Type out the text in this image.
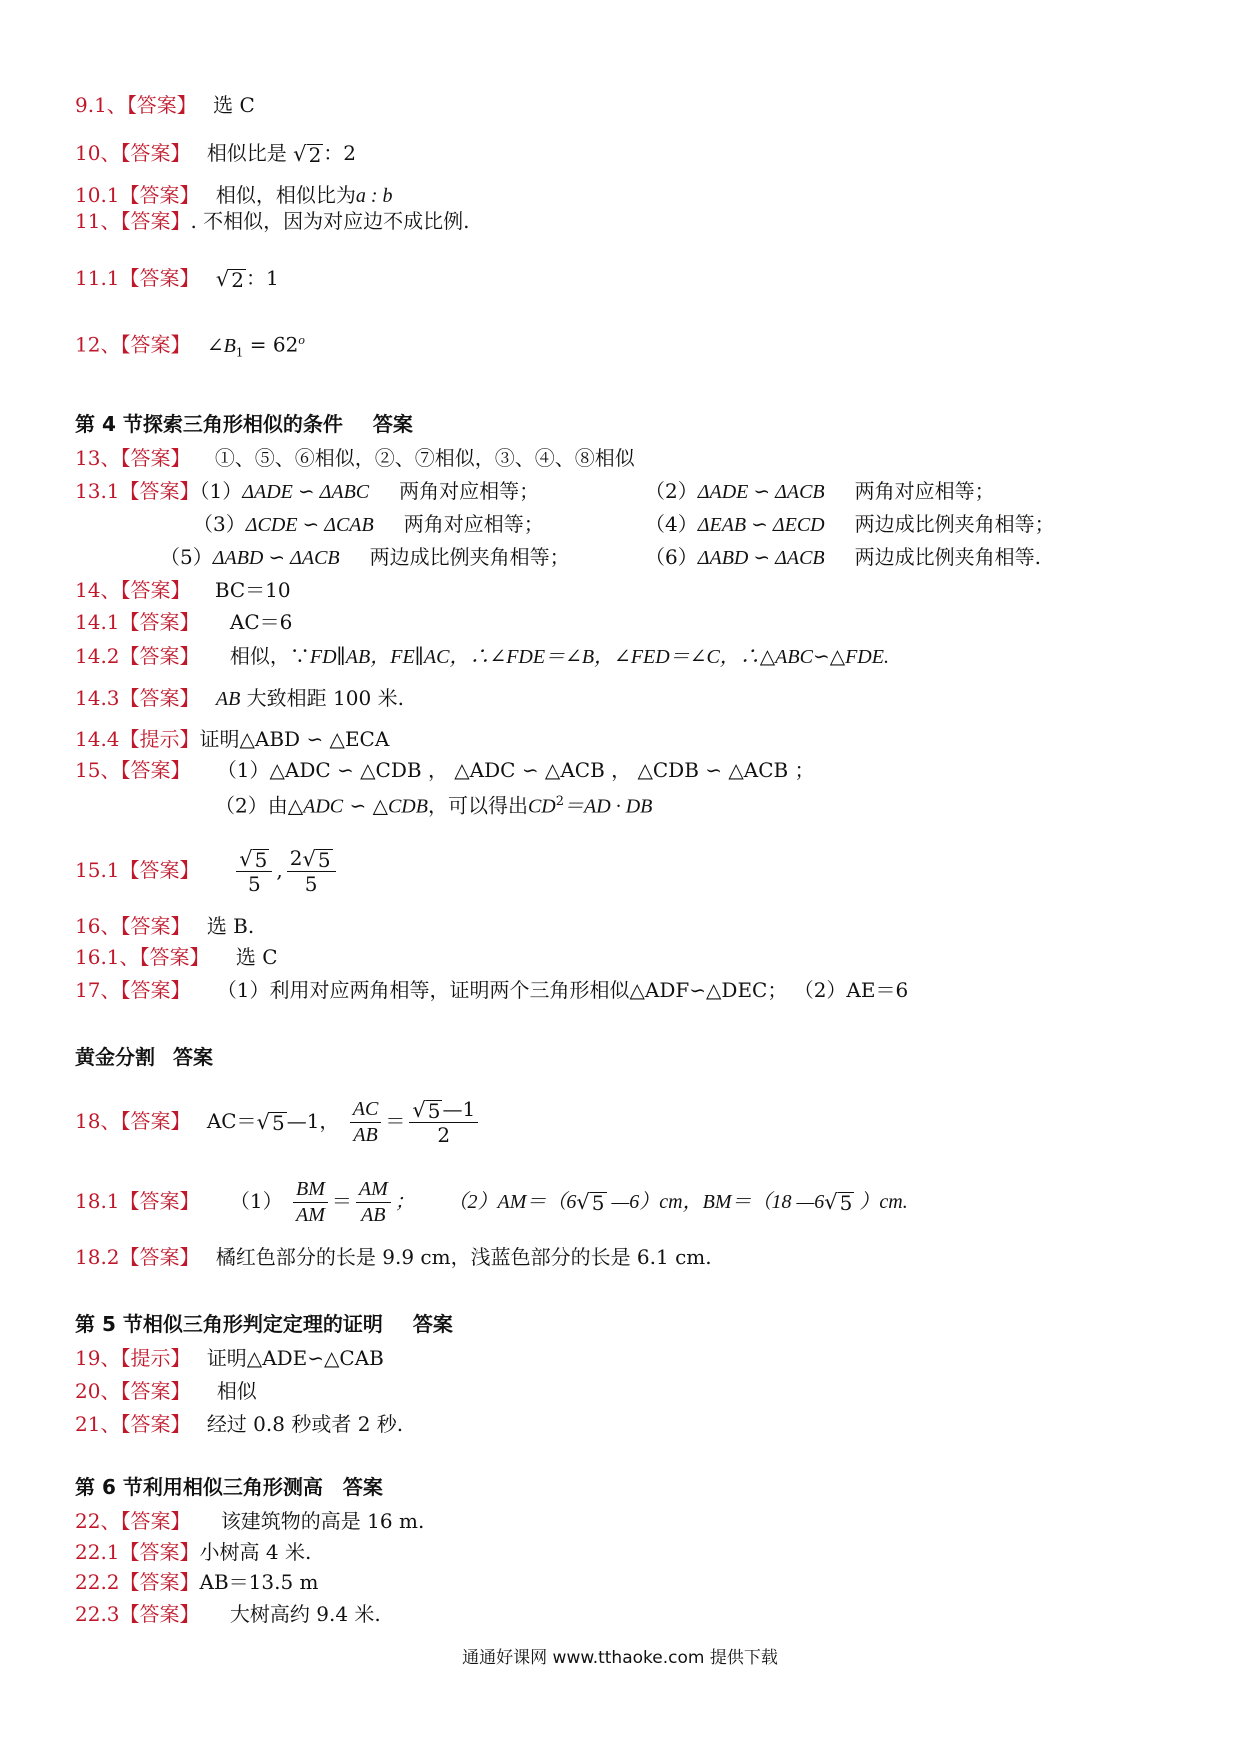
9.1、【答案】 选 C
10、【答案】 相似比是 √ 2 ：2
10.1【答案】 相似，相似比为a : b
11、【答案】. 不相似，因为对应边不成比例.
11.1【答案】 √ 2 ：1
12、【答案】 $\angle B_1 = 62^o$
第 4 节探索三角形相似的条件 答案
13、【答案】 ①、⑤、⑥相似，②、⑦相似，③、④、⑧相似
13.1【答案】（1）ΔADE ∽ ΔABC 两角对应相等；	（2）ΔADE ∽ ΔACB 两角对应相等；
（3）ΔCDE ∽ ΔCAB 两角对应相等；	（4）ΔEAB ∽ ΔECD 两边成比例夹角相等；
（5）ΔABD ∽ ΔACB 两边成比例夹角相等；	（6）ΔABD ∽ ΔACB 两边成比例夹角相等.
14、【答案】 BC＝10
14.1【答案】 AC＝6
14.2【答案】 相似，∵FD∥AB，FE∥AC，∴∠FDE＝∠B，∠FED＝∠C，∴△ABC∽△FDE.
14.3【答案】 AB 大致相距 100 米.
14.4【提示】证明△ABD ∽ △ECA
15、【答案】 （1）△ADC ∽ △CDB ， △ADC ∽ △ACB ， △CDB ∽ △ACB ；
（2）由△ADC ∽ △CDB，可以得出$CD^2=AD$ · DB
15.1【答案】 $\frac{√ 5}{5}$ , $\frac{2 √ 5}{5}$
16、【答案】 选 B.
16.1、【答案】 选 C
17、【答案】 （1）利用对应两角相等，证明两个三角形相似△ADF∽△DEC； （2）AE＝6
黄金分割 答案
18、【答案】 AC＝ √ 5 —1， $\frac{AC}{AB} = \frac{√ 5 —1}{2}$
18.1【答案】 $(1) \frac{BM}{AM} = \frac{AM}{AB}$ ； （2）AM＝（6 √ 5 —6）cm，BM＝（18 —6 √ 5 ）cm.
18.2【答案】 橘红色部分的长是 9.9 cm，浅蓝色部分的长是 6.1 cm.
第 5 节相似三角形判定定理的证明 答案
19、【提示】 证明△ADE∽△CAB
20、【答案】 相似
21、【答案】 经过 0.8 秒或者 2 秒.
第 6 节利用相似三角形测高 答案
22、【答案】 该建筑物的高是 16 m.
22.1【答案】小树高 4 米.
22.2【答案】AB＝13.5 m
22.3【答案】 大树高约 9.4 米.
通通好课网 www.tthaoke.com 提供下载
